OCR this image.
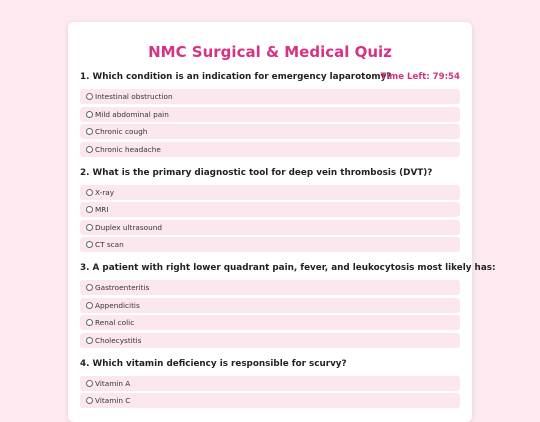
NMC Surgical & Medical Quiz
1. Which condition is an indication for emergency laparotomy?
Time Left: 79:54
Intestinal obstruction
Mild abdominal pain
Chronic cough
Chronic headache
2. What is the primary diagnostic tool for deep vein thrombosis (DVT)?
X-ray
MRI
Duplex ultrasound
CT scan
3. A patient with right lower quadrant pain, fever, and leukocytosis most likely has:
Gastroenteritis
Appendicitis
Renal colic
Cholecystitis
4. Which vitamin deficiency is responsible for scurvy?
Vitamin A
Vitamin C
